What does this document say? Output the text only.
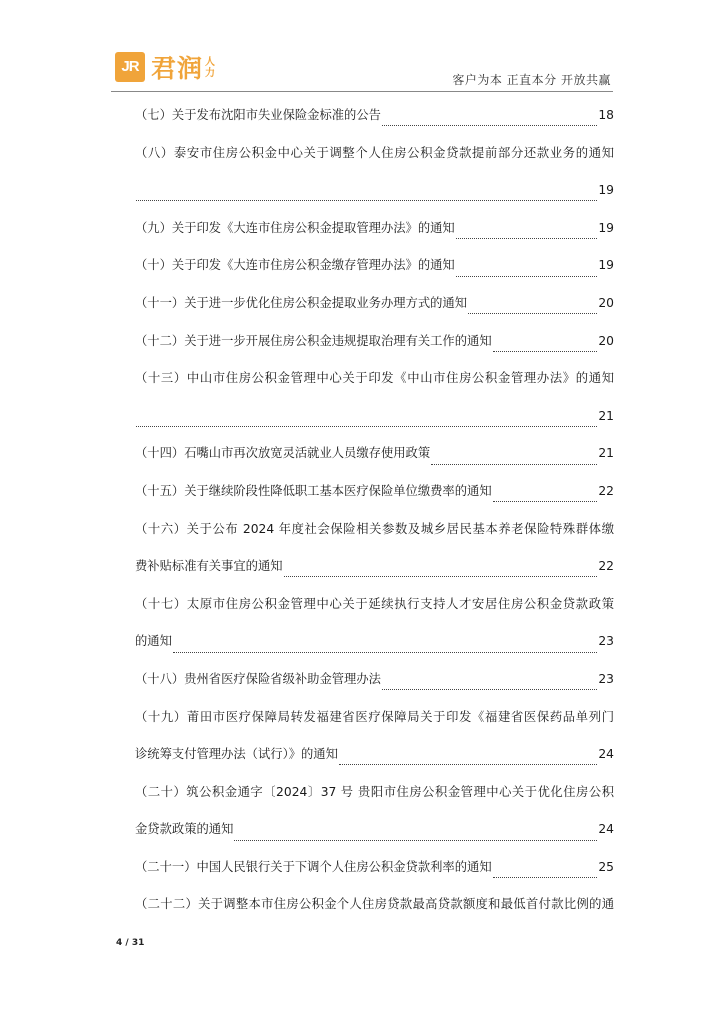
JR 君润 人
力	客户为本 正直本分 开放共赢
（七）关于发布沈阳市失业保险金标准的公告	18
（八）泰安市住房公积金中心关于调整个人住房公积金贷款提前部分还款业务的通知
19
（九）关于印发《大连市住房公积金提取管理办法》的通知	19
（十）关于印发《大连市住房公积金缴存管理办法》的通知	19
（十一）关于进一步优化住房公积金提取业务办理方式的通知	20
（十二）关于进一步开展住房公积金违规提取治理有关工作的通知	20
（十三）中山市住房公积金管理中心关于印发《中山市住房公积金管理办法》的通知
21
（十四）石嘴山市再次放宽灵活就业人员缴存使用政策	21
（十五）关于继续阶段性降低职工基本医疗保险单位缴费率的通知	22
（十六）关于公布 2024 年度社会保险相关参数及城乡居民基本养老保险特殊群体缴
费补贴标准有关事宜的通知	22
（十七）太原市住房公积金管理中心关于延续执行支持人才安居住房公积金贷款政策
的通知	23
（十八）贵州省医疗保险省级补助金管理办法	23
（十九）莆田市医疗保障局转发福建省医疗保障局关于印发《福建省医保药品单列门
诊统筹支付管理办法（试行）》的通知	24
（二十）筑公积金通字〔2024〕37 号 贵阳市住房公积金管理中心关于优化住房公积
金贷款政策的通知	24
（二十一）中国人民银行关于下调个人住房公积金贷款利率的通知	25
（二十二）关于调整本市住房公积金个人住房贷款最高贷款额度和最低首付款比例的通
4 / 31
